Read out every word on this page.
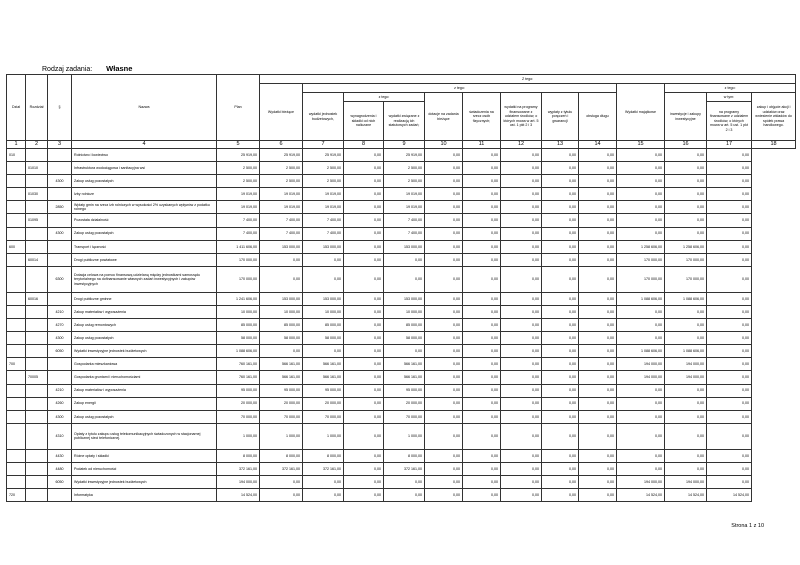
Rodzaj zadania: Własne
Dział	Rozdział	§	Nazwa	Plan	Z tego:												
					Wydatki bieżące	z tego:								Wydatki majątkowe	z tego:		
						wydatki jednostek budżetowych,	z tego:		dotacje na zadania bieżące	świadczenia na rzecz osób fizycznych;	wydatki na programy finansowane z udziałem środków, o których mowa w art. 5 ust. 1 pkt 2 i 3	wypłaty z tytułu poręczeń i gwarancji	obsługa długu		inwestycje i zakupy inwestycyjne	w tym:	zakup i objęcie akcji i udziałów oraz wniesienie wkładów do spółek prawa handlowego.
							wynagrodzenia i składki od nich naliczane	wydatki związane z realizacją ich statutowych zadań;								na programy finansowane z udziałem środków, o których mowa w art. 5 ust. 1 pkt 2 i 3	
1	2	3	4	5	6	7	8	9	10	11	12	13	14	15	16	17	18
010			Rolnictwo i łowiectwo	25 919,00	25 919,00	25 919,00	0,00	25 919,00	0,00	0,00	0,00	0,00	0,00	0,00	0,00	0,00	
	01010		Infrastruktura wodociągowa i sanitacyjna wsi	2 500,00	2 500,00	2 500,00	0,00	2 500,00	0,00	0,00	0,00	0,00	0,00	0,00	0,00	0,00	
		4300	Zakup usług pozostałych	2 500,00	2 500,00	2 500,00	0,00	2 500,00	0,00	0,00	0,00	0,00	0,00	0,00	0,00	0,00	
	01030		Izby rolnicze	19 019,00	19 019,00	19 019,00	0,00	19 019,00	0,00	0,00	0,00	0,00	0,00	0,00	0,00	0,00	
		2850	Wpłaty gmin na rzecz izb rolniczych w wysokości 2% uzyskanych wpływów z podatku rolnego	19 019,00	19 019,00	19 019,00	0,00	19 019,00	0,00	0,00	0,00	0,00	0,00	0,00	0,00	0,00	
	01095		Pozostała działalność	7 400,00	7 400,00	7 400,00	0,00	7 400,00	0,00	0,00	0,00	0,00	0,00	0,00	0,00	0,00	
		4300	Zakup usług pozostałych	7 400,00	7 400,00	7 400,00	0,00	7 400,00	0,00	0,00	0,00	0,00	0,00	0,00	0,00	0,00	
600			Transport i łączność	1 411 606,00	153 000,00	153 000,00	0,00	153 000,00	0,00	0,00	0,00	0,00	0,00	1 258 606,00	1 258 606,00	0,00	
	60014		Drogi publiczne powiatowe	170 000,00	0,00	0,00	0,00	0,00	0,00	0,00	0,00	0,00	0,00	170 000,00	170 000,00	0,00	
		6300	Dotacja celowa na pomoc finansową udzielaną między jednostkami samorządu terytorialnego na dofinansowanie własnych zadań inwestycyjnych i zakupów inwestycyjnych	170 000,00	0,00	0,00	0,00	0,00	0,00	0,00	0,00	0,00	0,00	170 000,00	170 000,00	0,00	
	60016		Drogi publiczne gminne	1 241 606,00	153 000,00	153 000,00	0,00	153 000,00	0,00	0,00	0,00	0,00	0,00	1 088 606,00	1 088 606,00	0,00	
		4210	Zakup materiałów i wyposażenia	10 000,00	10 000,00	10 000,00	0,00	10 000,00	0,00	0,00	0,00	0,00	0,00	0,00	0,00	0,00	
		4270	Zakup usług remontowych	85 000,00	85 000,00	85 000,00	0,00	85 000,00	0,00	0,00	0,00	0,00	0,00	0,00	0,00	0,00	
		4300	Zakup usług pozostałych	58 000,00	58 000,00	58 000,00	0,00	58 000,00	0,00	0,00	0,00	0,00	0,00	0,00	0,00	0,00	
		6050	Wydatki inwestycyjne jednostek budżetowych	1 088 606,00	0,00	0,00	0,00	0,00	0,00	0,00	0,00	0,00	0,00	1 088 606,00	1 088 606,00	0,00	
700			Gospodarka mieszkaniowa	760 161,00	566 161,00	566 161,00	0,00	566 161,00	0,00	0,00	0,00	0,00	0,00	194 000,00	194 000,00	0,00	
	70005		Gospodarka gruntami i nieruchomościami	760 161,00	566 161,00	566 161,00	0,00	566 161,00	0,00	0,00	0,00	0,00	0,00	194 000,00	194 000,00	0,00	
		4210	Zakup materiałów i wyposażenia	95 000,00	95 000,00	95 000,00	0,00	95 000,00	0,00	0,00	0,00	0,00	0,00	0,00	0,00	0,00	
		4260	Zakup energii	20 000,00	20 000,00	20 000,00	0,00	20 000,00	0,00	0,00	0,00	0,00	0,00	0,00	0,00	0,00	
		4300	Zakup usług pozostałych	70 000,00	70 000,00	70 000,00	0,00	70 000,00	0,00	0,00	0,00	0,00	0,00	0,00	0,00	0,00	
		4310	Opłaty z tytułu zakupu usług telekomunikacyjnych świadczonych w stacjonarnej publicznej sieci telefonicznej.	1 000,00	1 000,00	1 000,00	0,00	1 000,00	0,00	0,00	0,00	0,00	0,00	0,00	0,00	0,00	
		4430	Różne opłaty i składki	8 000,00	8 000,00	8 000,00	0,00	8 000,00	0,00	0,00	0,00	0,00	0,00	0,00	0,00	0,00	
		4480	Podatek od nieruchomości	372 161,00	372 161,00	372 161,00	0,00	372 161,00	0,00	0,00	0,00	0,00	0,00	0,00	0,00	0,00	
		6050	Wydatki inwestycyjne jednostek budżetowych	194 000,00	0,00	0,00	0,00	0,00	0,00	0,00	0,00	0,00	0,00	194 000,00	194 000,00	0,00	
720			Informatyka	14 524,00	0,00	0,00	0,00	0,00	0,00	0,00	0,00	0,00	0,00	14 524,00	14 524,00	14 524,00	
Strona 1 z 10
